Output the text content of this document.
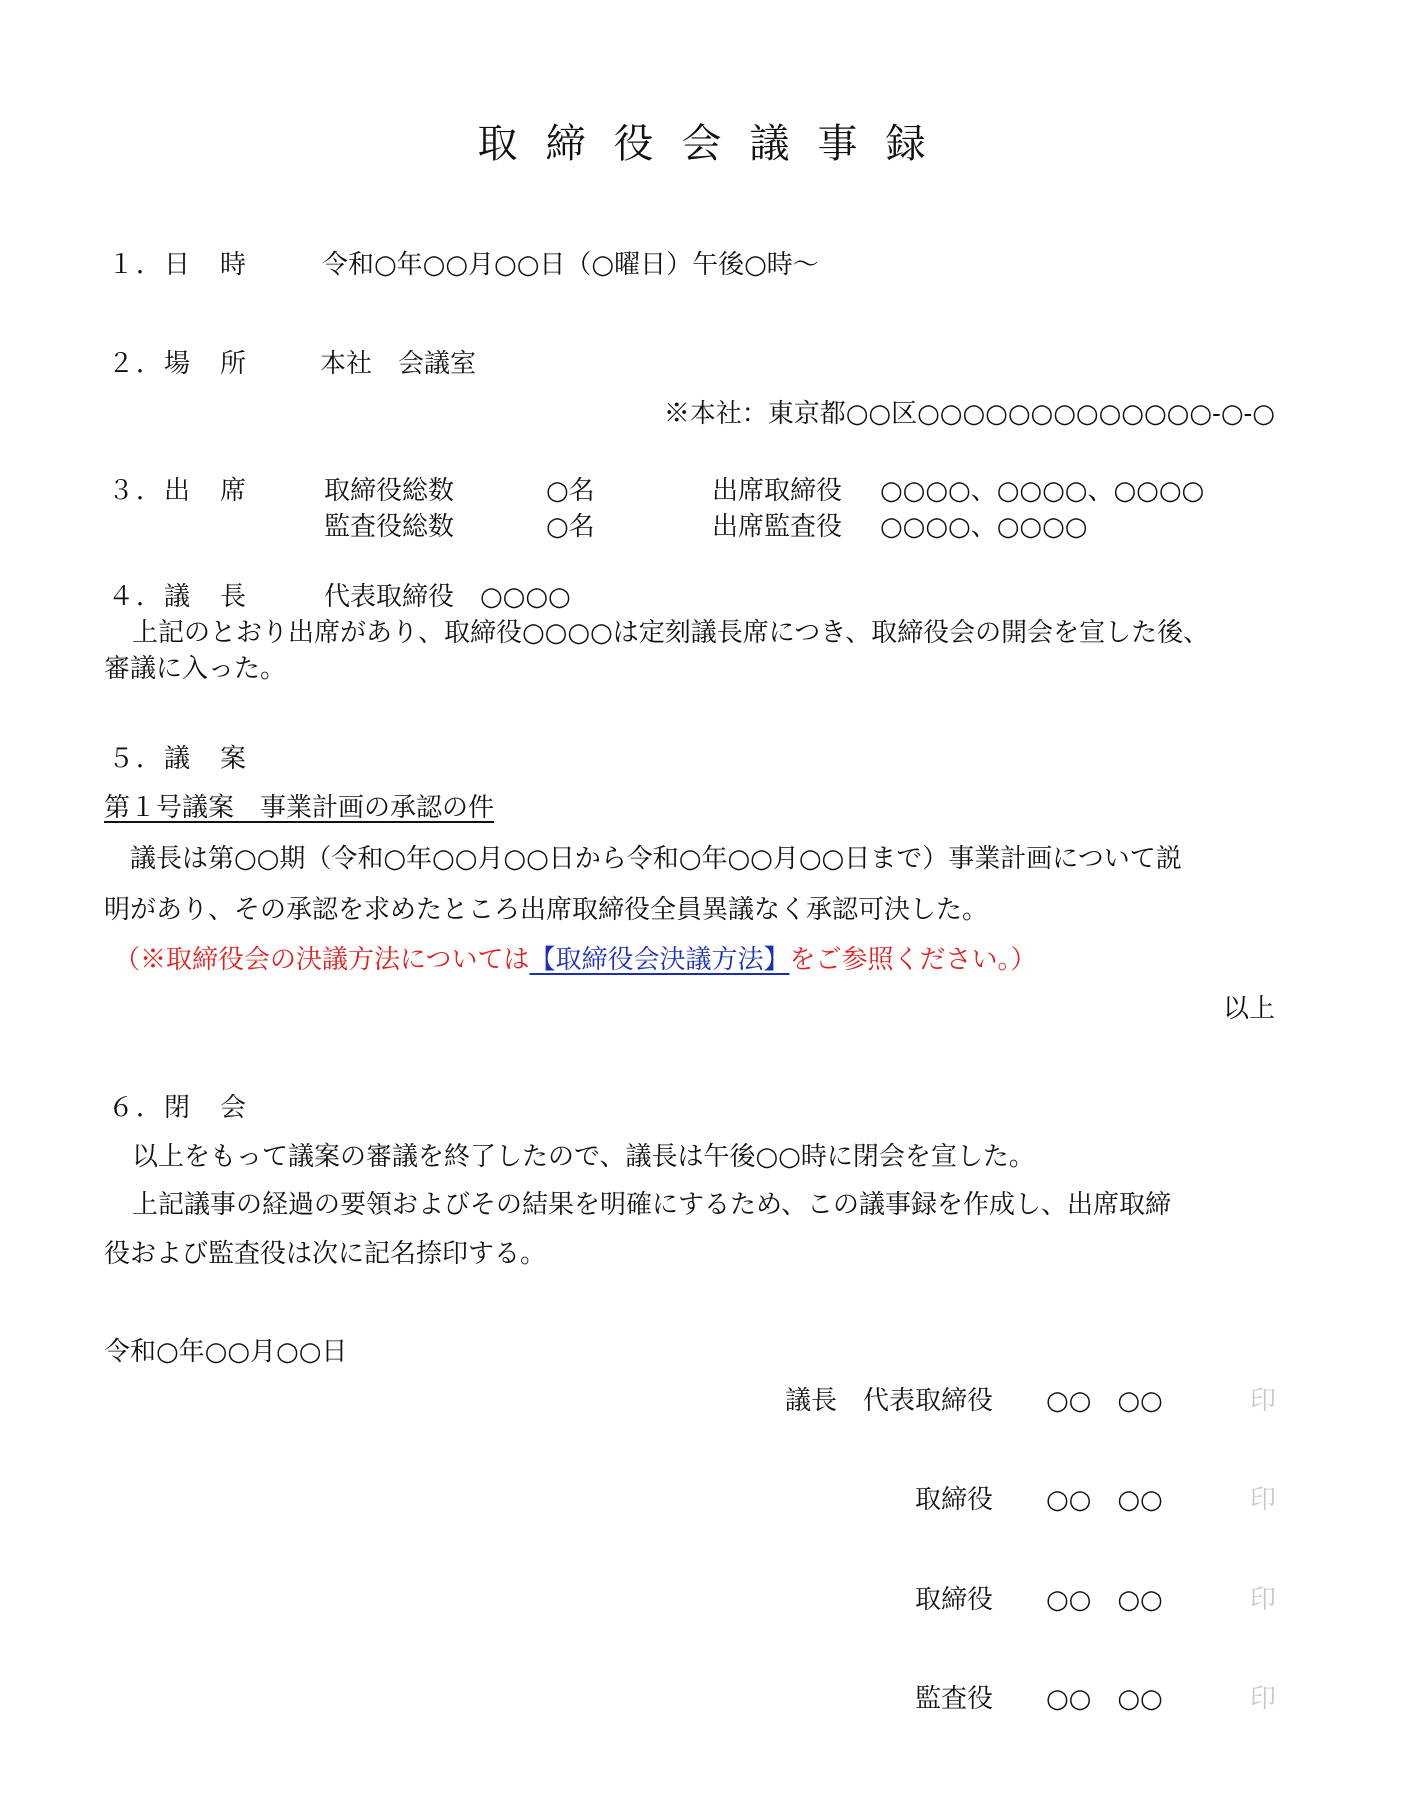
取締役会議事録
１．日　時	令和○年○○月○○日（○曜日）午後○時～
２．場　所	本社　会議室
※本社：東京都○○区○○○○○○○○○○○○○-○-○
３．出　席	取締役総数	○名	出席取締役 ○○○○、○○○○、○○○○
監査役総数	○名	出席監査役 ○○○○、○○○○
４．議　長	代表取締役　○○○○
上記のとおり出席があり、取締役○○○○は定刻議長席につき、取締役会の開会を宣した後、
審議に入った。
５．議　案
第１号議案　事業計画の承認の件
議長は第○○期（令和○年○○月○○日から令和○年○○月○○日まで）事業計画について説
明があり、その承認を求めたところ出席取締役全員異議なく承認可決した。
（※取締役会の決議方法については【取締役会決議方法】をご参照ください。）
以上
６．閉　会
以上をもって議案の審議を終了したので、議長は午後○○時に閉会を宣した。
上記議事の経過の要領およびその結果を明確にするため、この議事録を作成し、出席取締
役および監査役は次に記名捺印する。
令和○年○○月○○日
議長　代表取締役 ○○　○○	印
取締役 ○○　○○	印
取締役 ○○　○○	印
監査役 ○○　○○	印
